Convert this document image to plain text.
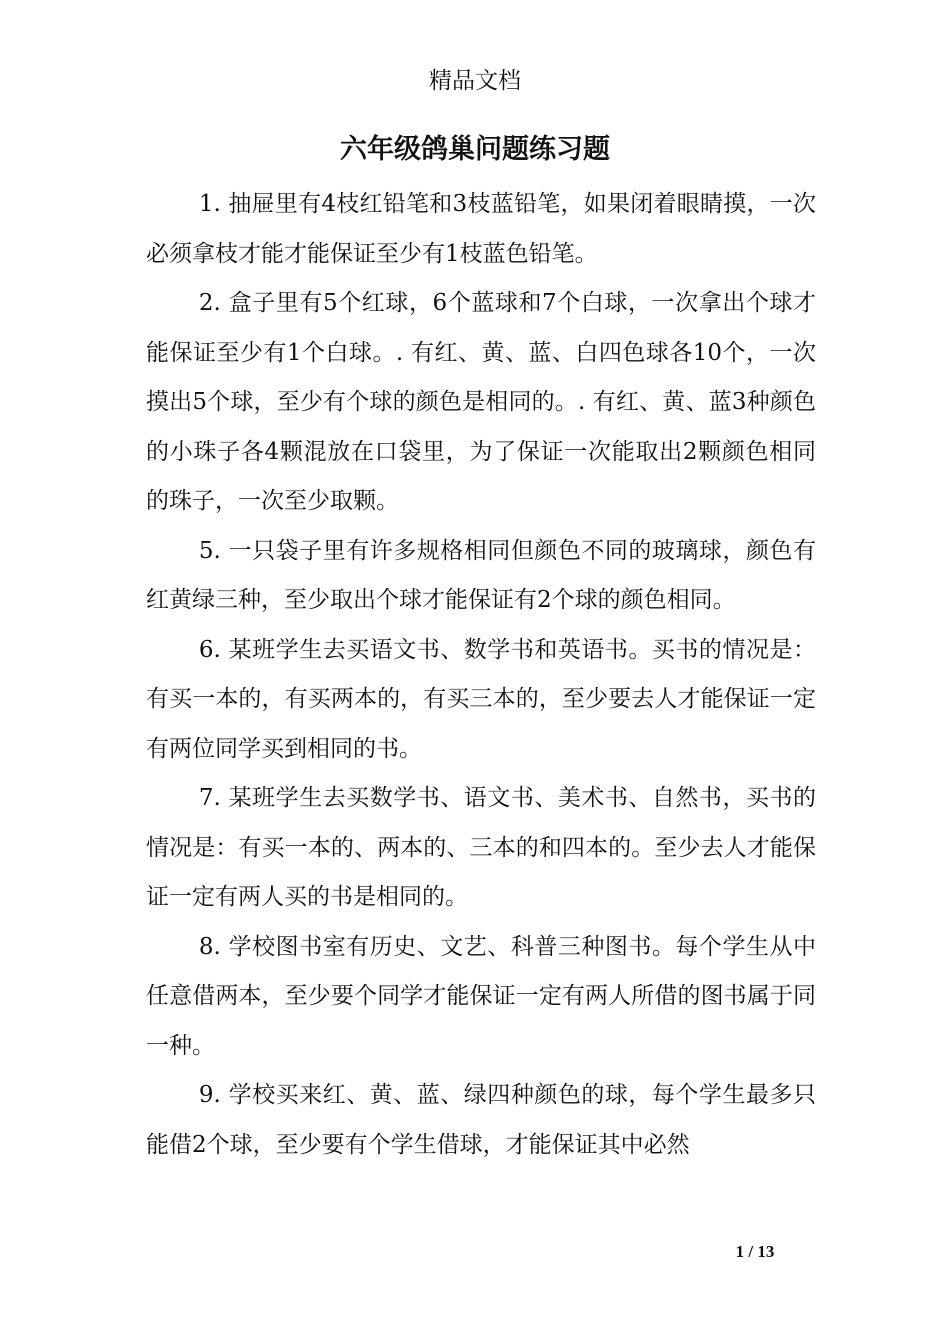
精品文档
六年级鸽巢问题练习题

1. 抽屉里有4枝红铅笔和3枝蓝铅笔，如果闭着眼睛摸，一次必须拿枝才能才能保证至少有1枝蓝色铅笔。

2. 盒子里有5个红球，6个蓝球和7个白球，一次拿出个球才能保证至少有1个白球。. 有红、黄、蓝、白四色球各10个，一次摸出5个球，至少有个球的颜色是相同的。. 有红、黄、蓝3种颜色的小珠子各4颗混放在口袋里，为了保证一次能取出2颗颜色相同的珠子，一次至少取颗。

5. 一只袋子里有许多规格相同但颜色不同的玻璃球，颜色有红黄绿三种，至少取出个球才能保证有2个球的颜色相同。

6. 某班学生去买语文书、数学书和英语书。买书的情况是：有买一本的，有买两本的，有买三本的，至少要去人才能保证一定有两位同学买到相同的书。

7. 某班学生去买数学书、语文书、美术书、自然书，买书的情况是：有买一本的、两本的、三本的和四本的。至少去人才能保证一定有两人买的书是相同的。

8. 学校图书室有历史、文艺、科普三种图书。每个学生从中任意借两本，至少要个同学才能保证一定有两人所借的图书属于同一种。

9. 学校买来红、黄、蓝、绿四种颜色的球，每个学生最多只能借2个球，至少要有个学生借球，才能保证其中必然

1 / 13
